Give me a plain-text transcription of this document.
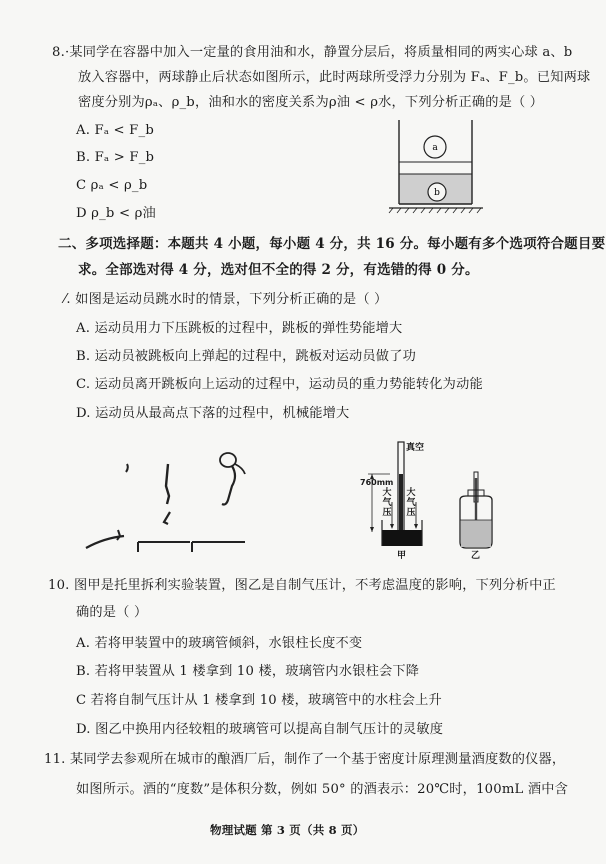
8.·某同学在容器中加入一定量的食用油和水，静置分层后，将质量相同的两实心球 a、b
放入容器中，两球静止后状态如图所示，此时两球所受浮力分别为 Fₐ、F_b。已知两球
密度分别为ρₐ、ρ_b，油和水的密度关系为ρ油 < ρ水，下列分析正确的是（ ）
A. Fₐ < F_b
B. Fₐ > F_b
C ρₐ < ρ_b
D ρ_b < ρ油
a
b
二、多项选择题：本题共 4 小题，每小题 4 分，共 16 分。每小题有多个选项符合题目要
求。全部选对得 4 分，选对但不全的得 2 分，有选错的得 0 分。
⁄. 如图是运动员跳水时的情景，下列分析正确的是（ ）
A. 运动员用力下压跳板的过程中，跳板的弹性势能增大
B. 运动员被跳板向上弹起的过程中，跳板对运动员做了功
C. 运动员离开跳板向上运动的过程中，运动员的重力势能转化为动能
D. 运动员从最高点下落的过程中，机械能增大
真空
760mm
大气压
大气压
甲	乙
10. 图甲是托里拆利实验装置，图乙是自制气压计，不考虑温度的影响，下列分析中正
确的是（ ）
A. 若将甲装置中的玻璃管倾斜，水银柱长度不变
B. 若将甲装置从 1 楼拿到 10 楼，玻璃管内水银柱会下降
C 若将自制气压计从 1 楼拿到 10 楼，玻璃管中的水柱会上升
D. 图乙中换用内径较粗的玻璃管可以提高自制气压计的灵敏度
11. 某同学去参观所在城市的酿酒厂后，制作了一个基于密度计原理测量酒度数的仪器，
如图所示。酒的“度数”是体积分数，例如 50° 的酒表示：20℃时，100mL 酒中含
物理试题 第 3 页（共 8 页）
